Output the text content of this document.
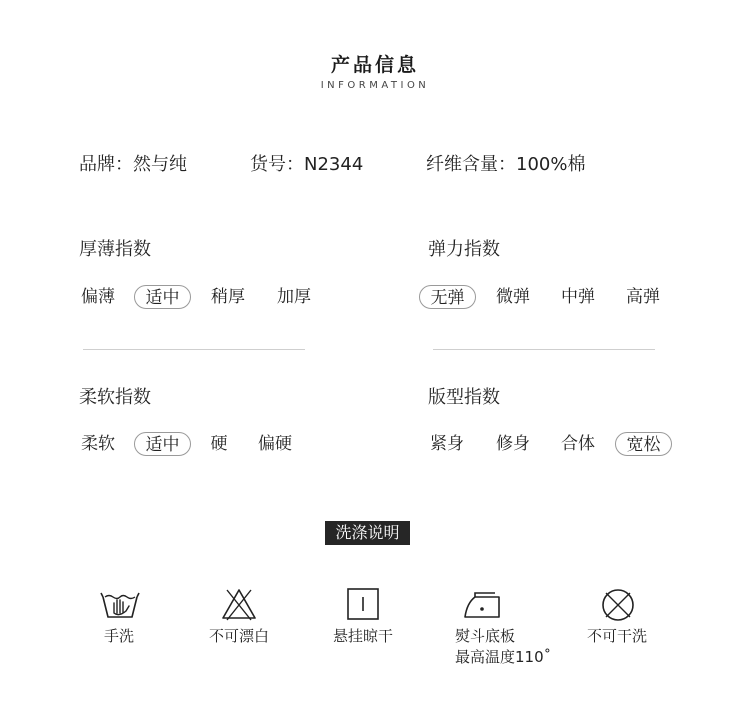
产品信息
INFORMATION
品牌：然与纯	货号：N2344	纤维含量：100%棉
厚薄指数
偏薄	适中	稍厚 加厚
弹力指数
无弹	微弹 中弹 高弹
柔软指数
柔软	适中	硬 偏硬
版型指数
紧身 修身 合体	宽松
洗涤说明
手洗	不可漂白	悬挂晾干	熨斗底板
最高温度110˚
不可干洗
